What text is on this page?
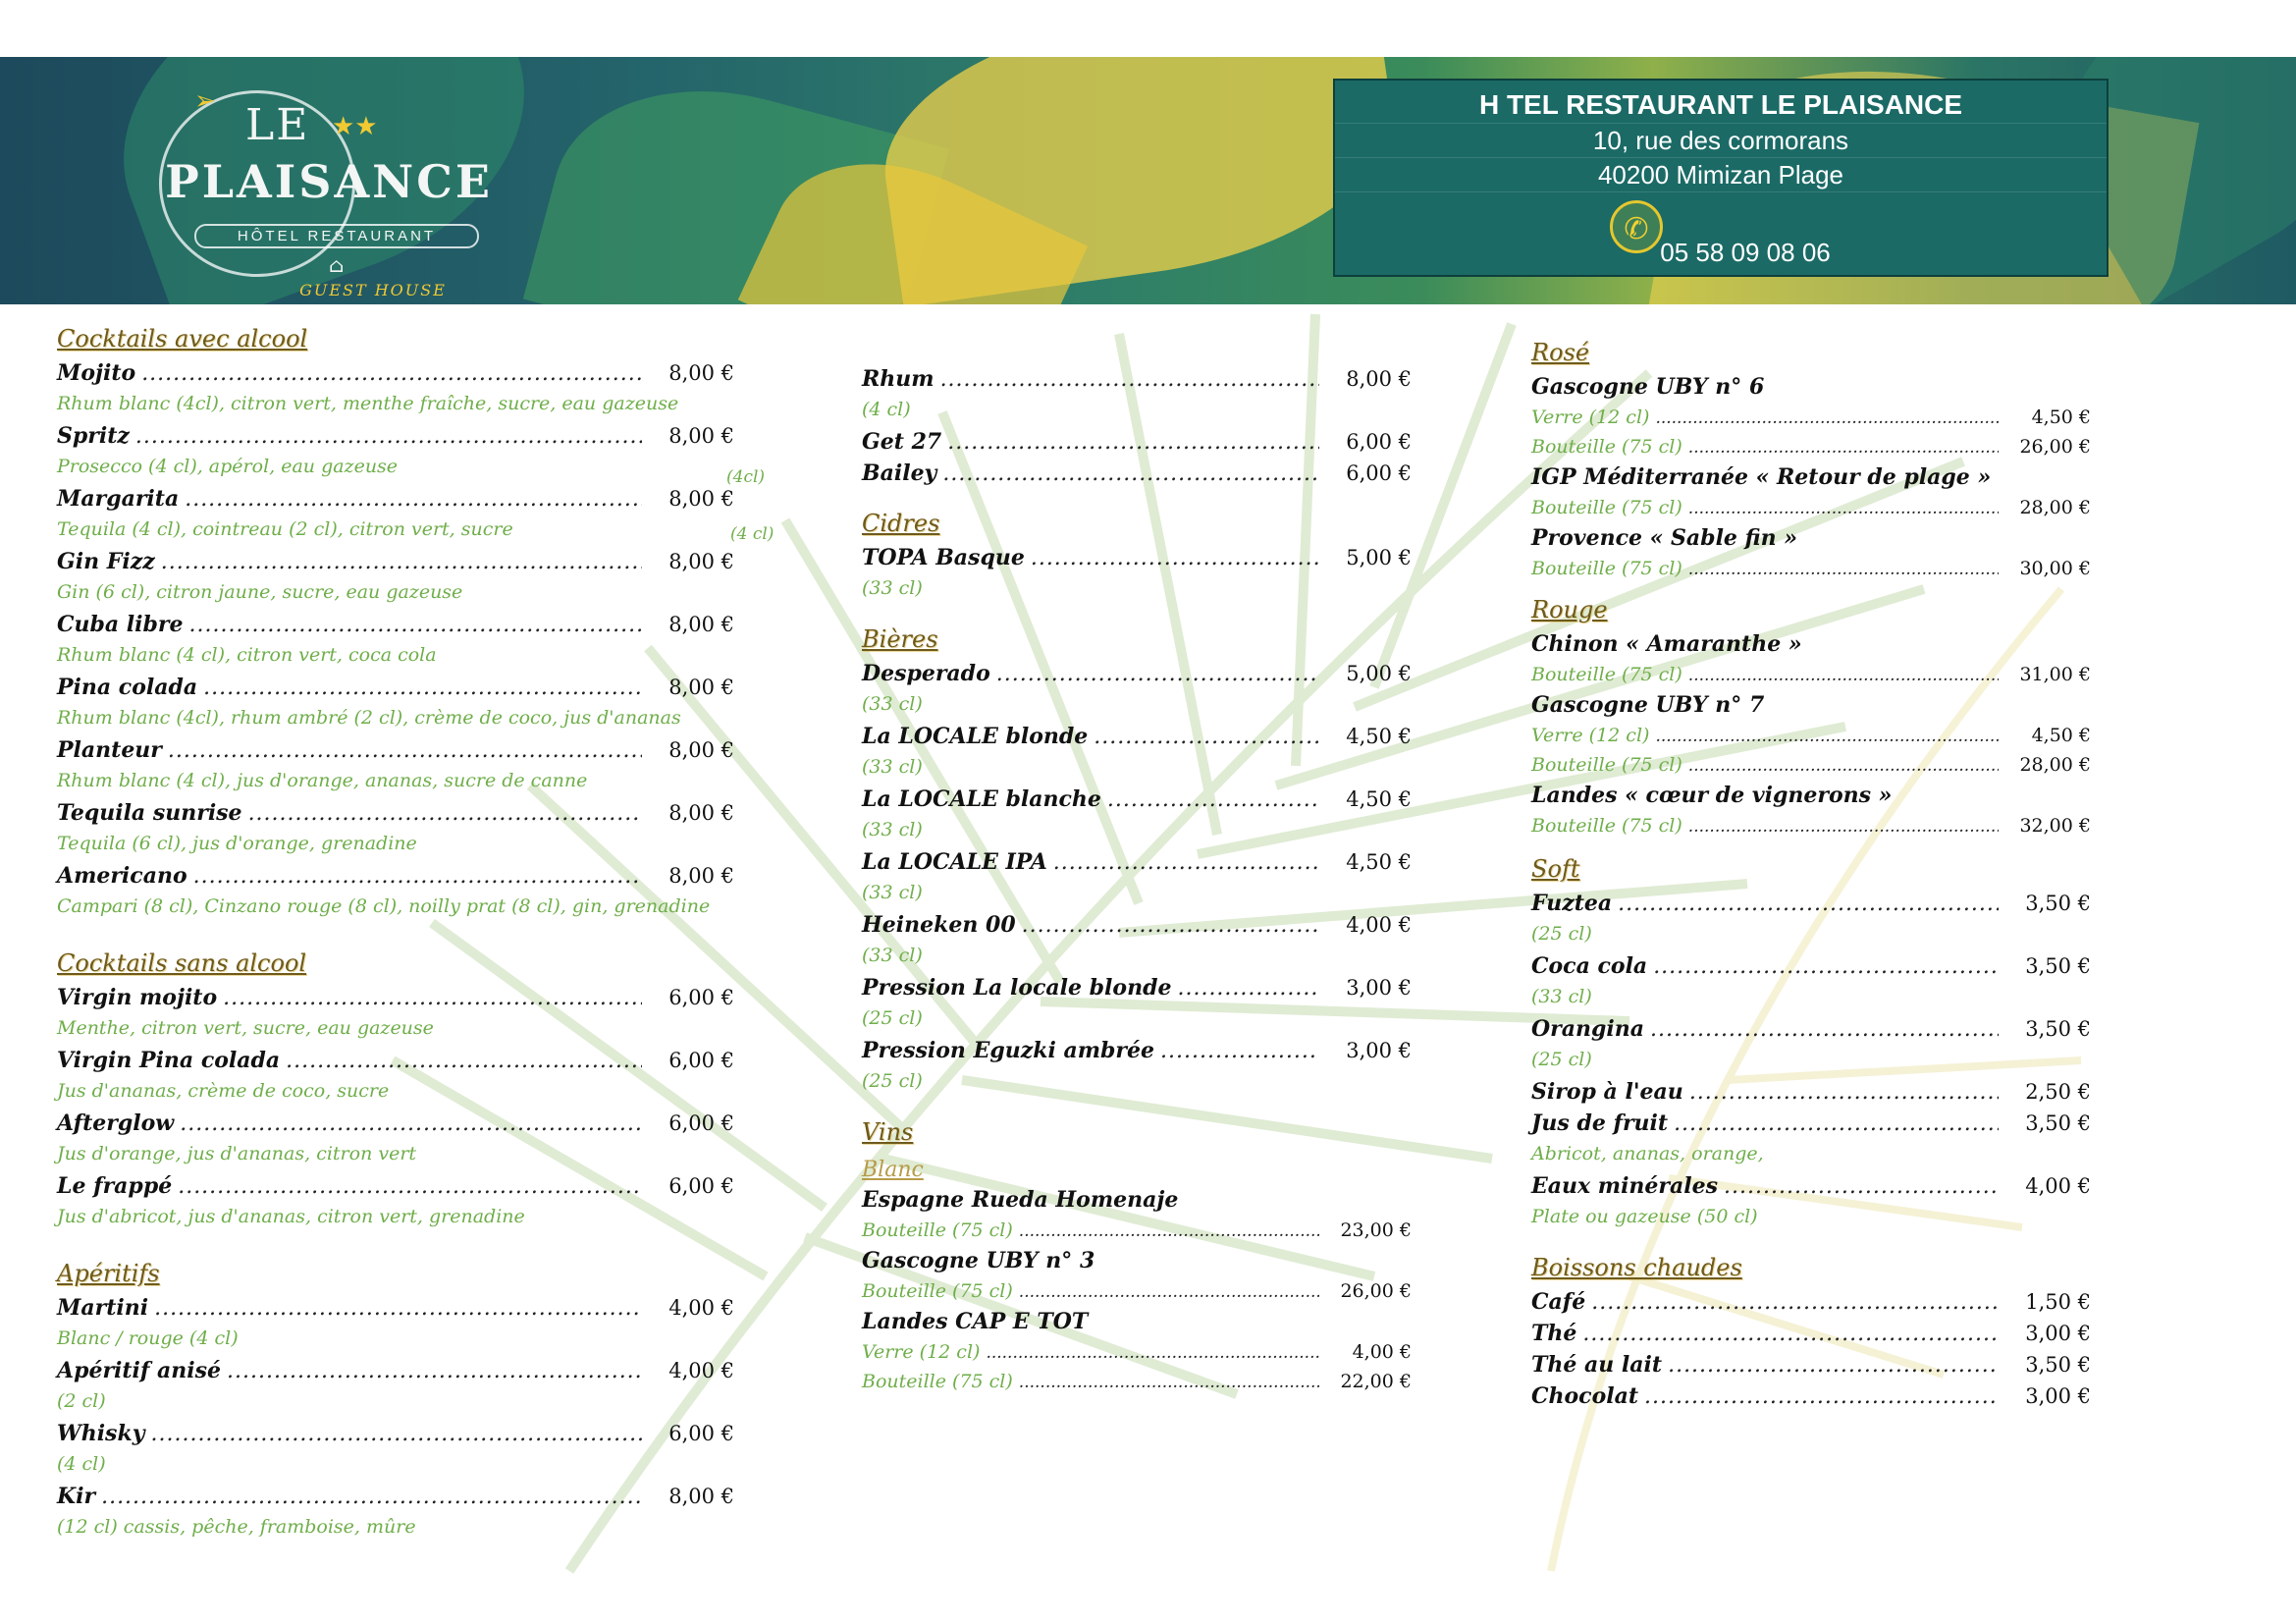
➢ LE ★★
PLAISANCE
HÔTEL RESTAURANT
⌂
GUEST HOUSE
H TEL RESTAURANT LE PLAISANCE
10, rue des cormorans
40200 Mimizan Plage
✆
05 58 09 08 06
Cocktails avec alcool
Mojito .....	8,00 €
Rhum blanc (4cl), citron vert, menthe fraîche, sucre, eau gazeuse
Spritz .....	8,00 €
Prosecco (4 cl), apérol, eau gazeuse
Margarita .....	8,00 €
Tequila (4 cl), cointreau (2 cl), citron vert, sucre
Gin Fizz .....	8,00 €
Gin (6 cl), citron jaune, sucre, eau gazeuse
Cuba libre .....	8,00 €
Rhum blanc (4 cl), citron vert, coca cola
Pina colada .....	8,00 €
Rhum blanc (4cl), rhum ambré (2 cl), crème de coco, jus d'ananas
Planteur .....	8,00 €
Rhum blanc (4 cl), jus d'orange, ananas, sucre de canne
Tequila sunrise .....	8,00 €
Tequila (6 cl), jus d'orange, grenadine
Americano .....	8,00 €
Campari (8 cl), Cinzano rouge (8 cl), noilly prat (8 cl), gin, grenadine
Cocktails sans alcool
Virgin mojito .....	6,00 €
Menthe, citron vert, sucre, eau gazeuse
Virgin Pina colada .....	6,00 €
Jus d'ananas, crème de coco, sucre
Afterglow .....	6,00 €
Jus d'orange, jus d'ananas, citron vert
Le frappé .....	6,00 €
Jus d'abricot, jus d'ananas, citron vert, grenadine
Apéritifs
Martini .....	4,00 €
Blanc / rouge (4 cl)
Apéritif anisé .....	4,00 €
(2 cl)
Whisky .....	6,00 €
(4 cl)
Kir .....	8,00 €
(12 cl) cassis, pêche, framboise, mûre
(4cl)
(4 cl)
Rhum .....	8,00 €
(4 cl)
Get 27 .....	6,00 €
Bailey .....	6,00 €
Cidres
TOPA Basque .....	5,00 €
(33 cl)
Bières
Desperado .....	5,00 €
(33 cl)
La LOCALE blonde .....	4,50 €
(33 cl)
La LOCALE blanche .....	4,50 €
(33 cl)
La LOCALE IPA .....	4,50 €
(33 cl)
Heineken 00 .....	4,00 €
(33 cl)
Pression La locale blonde .....	3,00 €
(25 cl)
Pression Eguzki ambrée .....	3,00 €
(25 cl)
Vins
Blanc
Espagne Rueda Homenaje
Bouteille (75 cl) .....	23,00 €
Gascogne UBY n° 3
Bouteille (75 cl) .....	26,00 €
Landes CAP E TOT
Verre (12 cl) .....	4,00 €
Bouteille (75 cl) .....	22,00 €
Rosé
Gascogne UBY n° 6
Verre (12 cl) .....	4,50 €
Bouteille (75 cl) .....	26,00 €
IGP Méditerranée « Retour de plage »
Bouteille (75 cl) .....	28,00 €
Provence « Sable fin »
Bouteille (75 cl) .....	30,00 €
Rouge
Chinon « Amaranthe »
Bouteille (75 cl) .....	31,00 €
Gascogne UBY n° 7
Verre (12 cl) .....	4,50 €
Bouteille (75 cl) .....	28,00 €
Landes « cœur de vignerons »
Bouteille (75 cl) .....	32,00 €
Soft
Fuztea .....	3,50 €
(25 cl)
Coca cola .....	3,50 €
(33 cl)
Orangina .....	3,50 €
(25 cl)
Sirop à l'eau .....	2,50 €
Jus de fruit .....	3,50 €
Abricot, ananas, orange,
Eaux minérales .....	4,00 €
Plate ou gazeuse (50 cl)
Boissons chaudes
Café .....	1,50 €
Thé .....	3,00 €
Thé au lait .....	3,50 €
Chocolat .....	3,00 €
